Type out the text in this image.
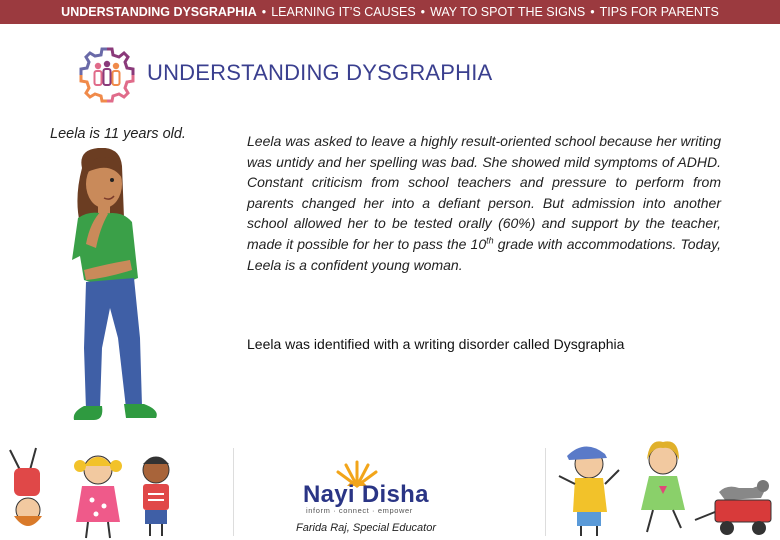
UNDERSTANDING DYSGRAPHIA • LEARNING IT’S CAUSES • WAY TO SPOT THE SIGNS • TIPS FOR PARENTS
UNDERSTANDING DYSGRAPHIA
Leela is 11 years old.	Leela was asked to leave a highly result-oriented school because her writing was untidy and her spelling was bad. She showed mild symptoms of ADHD. Constant criticism from school teachers and pressure to perform from parents changed her into a defiant person. But admission into another school allowed her to be tested orally (60%) and support by the teacher, made it possible for her to pass the 10th grade with accommodations. Today, Leela is a confident young woman.
Leela was identified with a writing disorder called Dysgraphia
Nayi Disha
inform · connect · empower
Farida Raj, Special Educator
